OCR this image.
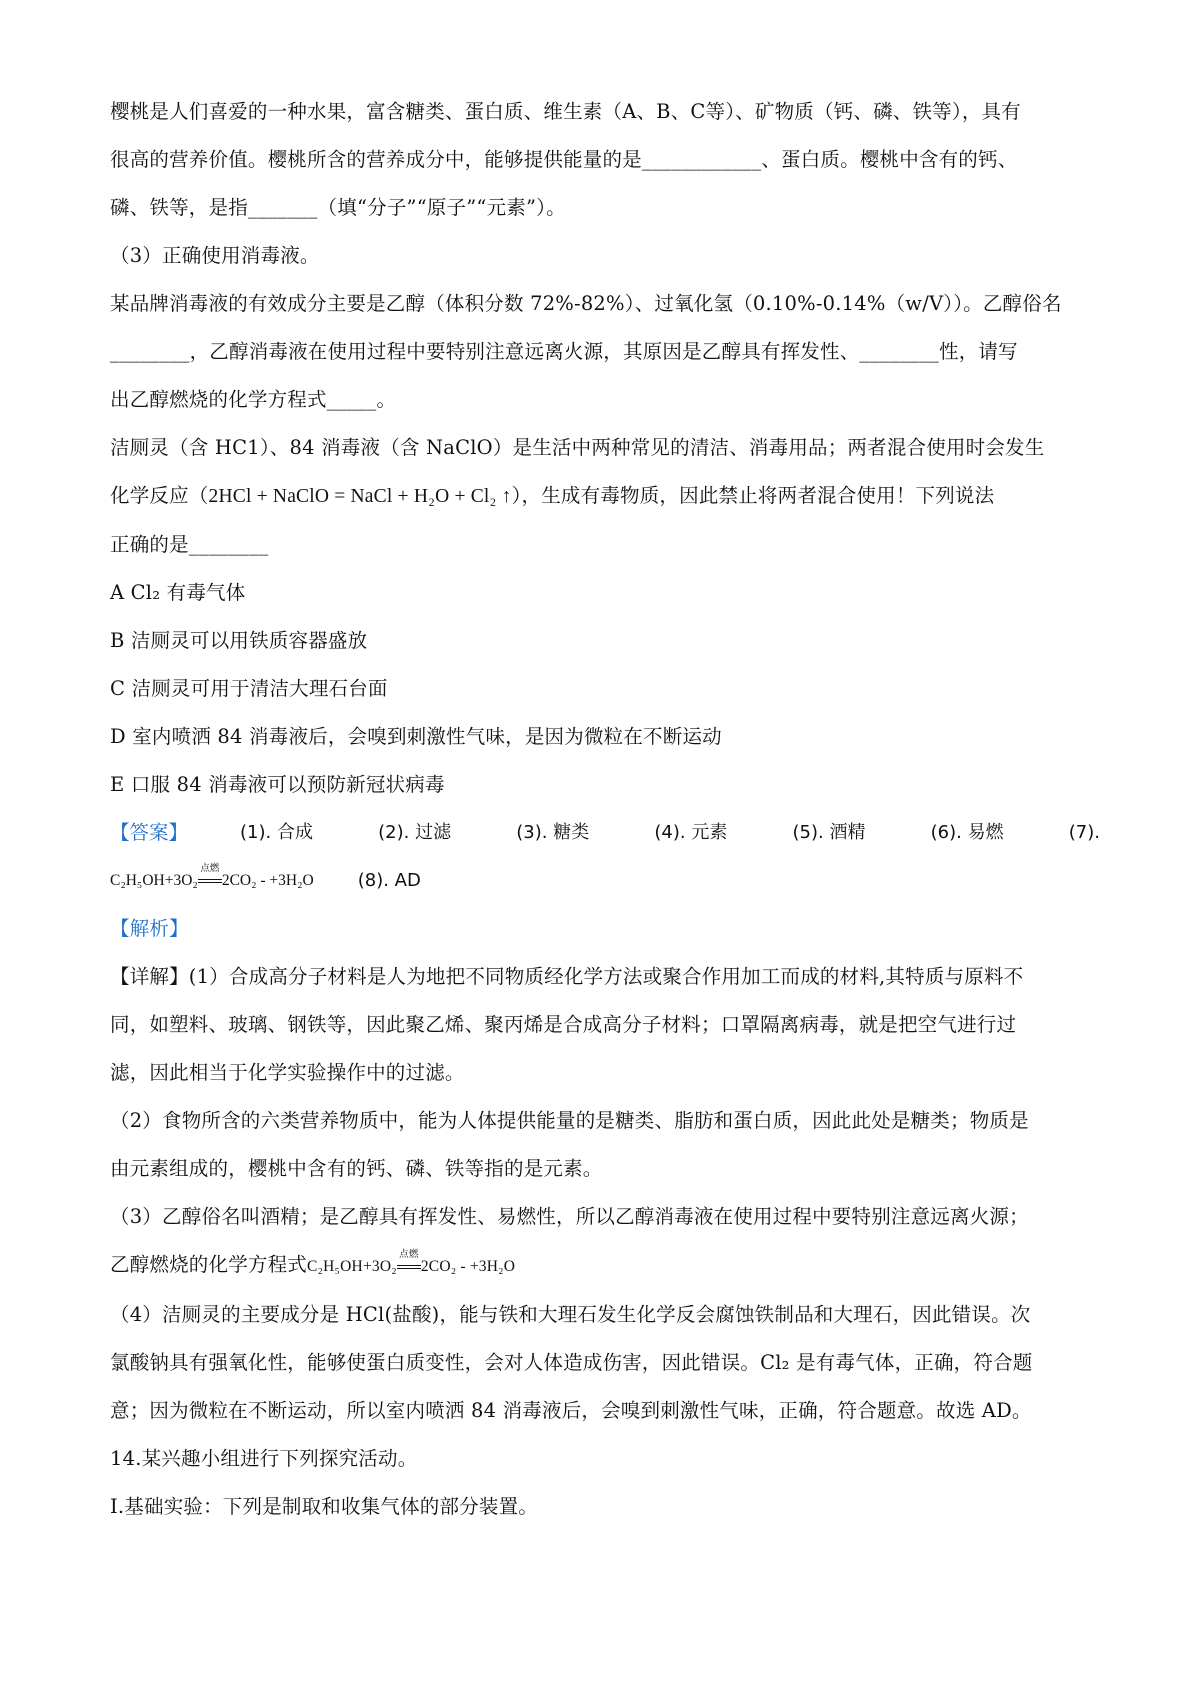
樱桃是人们喜爱的一种水果，富含糖类、蛋白质、维生素（A、B、C等）、矿物质（钙、磷、铁等），具有

很高的营养价值。樱桃所含的营养成分中，能够提供能量的是____________、蛋白质。樱桃中含有的钙、

磷、铁等，是指_______（填“分子”“原子”“元素”）。

（3）正确使用消毒液。

某品牌消毒液的有效成分主要是乙醇（体积分数 72%-82%）、过氧化氢（0.10%-0.14%（w/V））。乙醇俗名

________，乙醇消毒液在使用过程中要特别注意远离火源，其原因是乙醇具有挥发性、________性，请写

出乙醇燃烧的化学方程式_____。

洁厕灵（含 HC1）、84 消毒液（含 NaClO）是生活中两种常见的清洁、消毒用品；两者混合使用时会发生

化学反应（2HCl + NaClO = NaCl + H₂O + Cl₂ ↑），生成有毒物质，因此禁止将两者混合使用！下列说法

正确的是________

A Cl₂ 有毒气体

B 洁厕灵可以用铁质容器盛放

C 洁厕灵可用于清洁大理石台面

D 室内喷洒 84 消毒液后，会嗅到刺激性气味，是因为微粒在不断运动

E 口服 84 消毒液可以预防新冠状病毒

【答案】	(1). 合成	(2). 过滤	(3). 糖类	(4). 元素	(5). 酒精	(6). 易燃	(7).
C₂H₅OH+3O₂
点燃
2CO₂ - +3H₂O (8). AD

【解析】

【详解】(1）合成高分子材料是人为地把不同物质经化学方法或聚合作用加工而成的材料,其特质与原料不

同，如塑料、玻璃、钢铁等，因此聚乙烯、聚丙烯是合成高分子材料；口罩隔离病毒，就是把空气进行过

滤，因此相当于化学实验操作中的过滤。

（2）食物所含的六类营养物质中，能为人体提供能量的是糖类、脂肪和蛋白质，因此此处是糖类；物质是

由元素组成的，樱桃中含有的钙、磷、铁等指的是元素。

（3）乙醇俗名叫酒精；是乙醇具有挥发性、易燃性，所以乙醇消毒液在使用过程中要特别注意远离火源；

乙醇燃烧的化学方程式C₂H₅OH+3O₂
点燃
2CO₂ - +3H₂O

（4）洁厕灵的主要成分是 HCl(盐酸)，能与铁和大理石发生化学反会腐蚀铁制品和大理石，因此错误。次

氯酸钠具有强氧化性，能够使蛋白质变性，会对人体造成伤害，因此错误。Cl₂ 是有毒气体，正确，符合题

意；因为微粒在不断运动，所以室内喷洒 84 消毒液后，会嗅到刺激性气味，正确，符合题意。故选 AD。

14.某兴趣小组进行下列探究活动。

I.基础实验：下列是制取和收集气体的部分装置。
